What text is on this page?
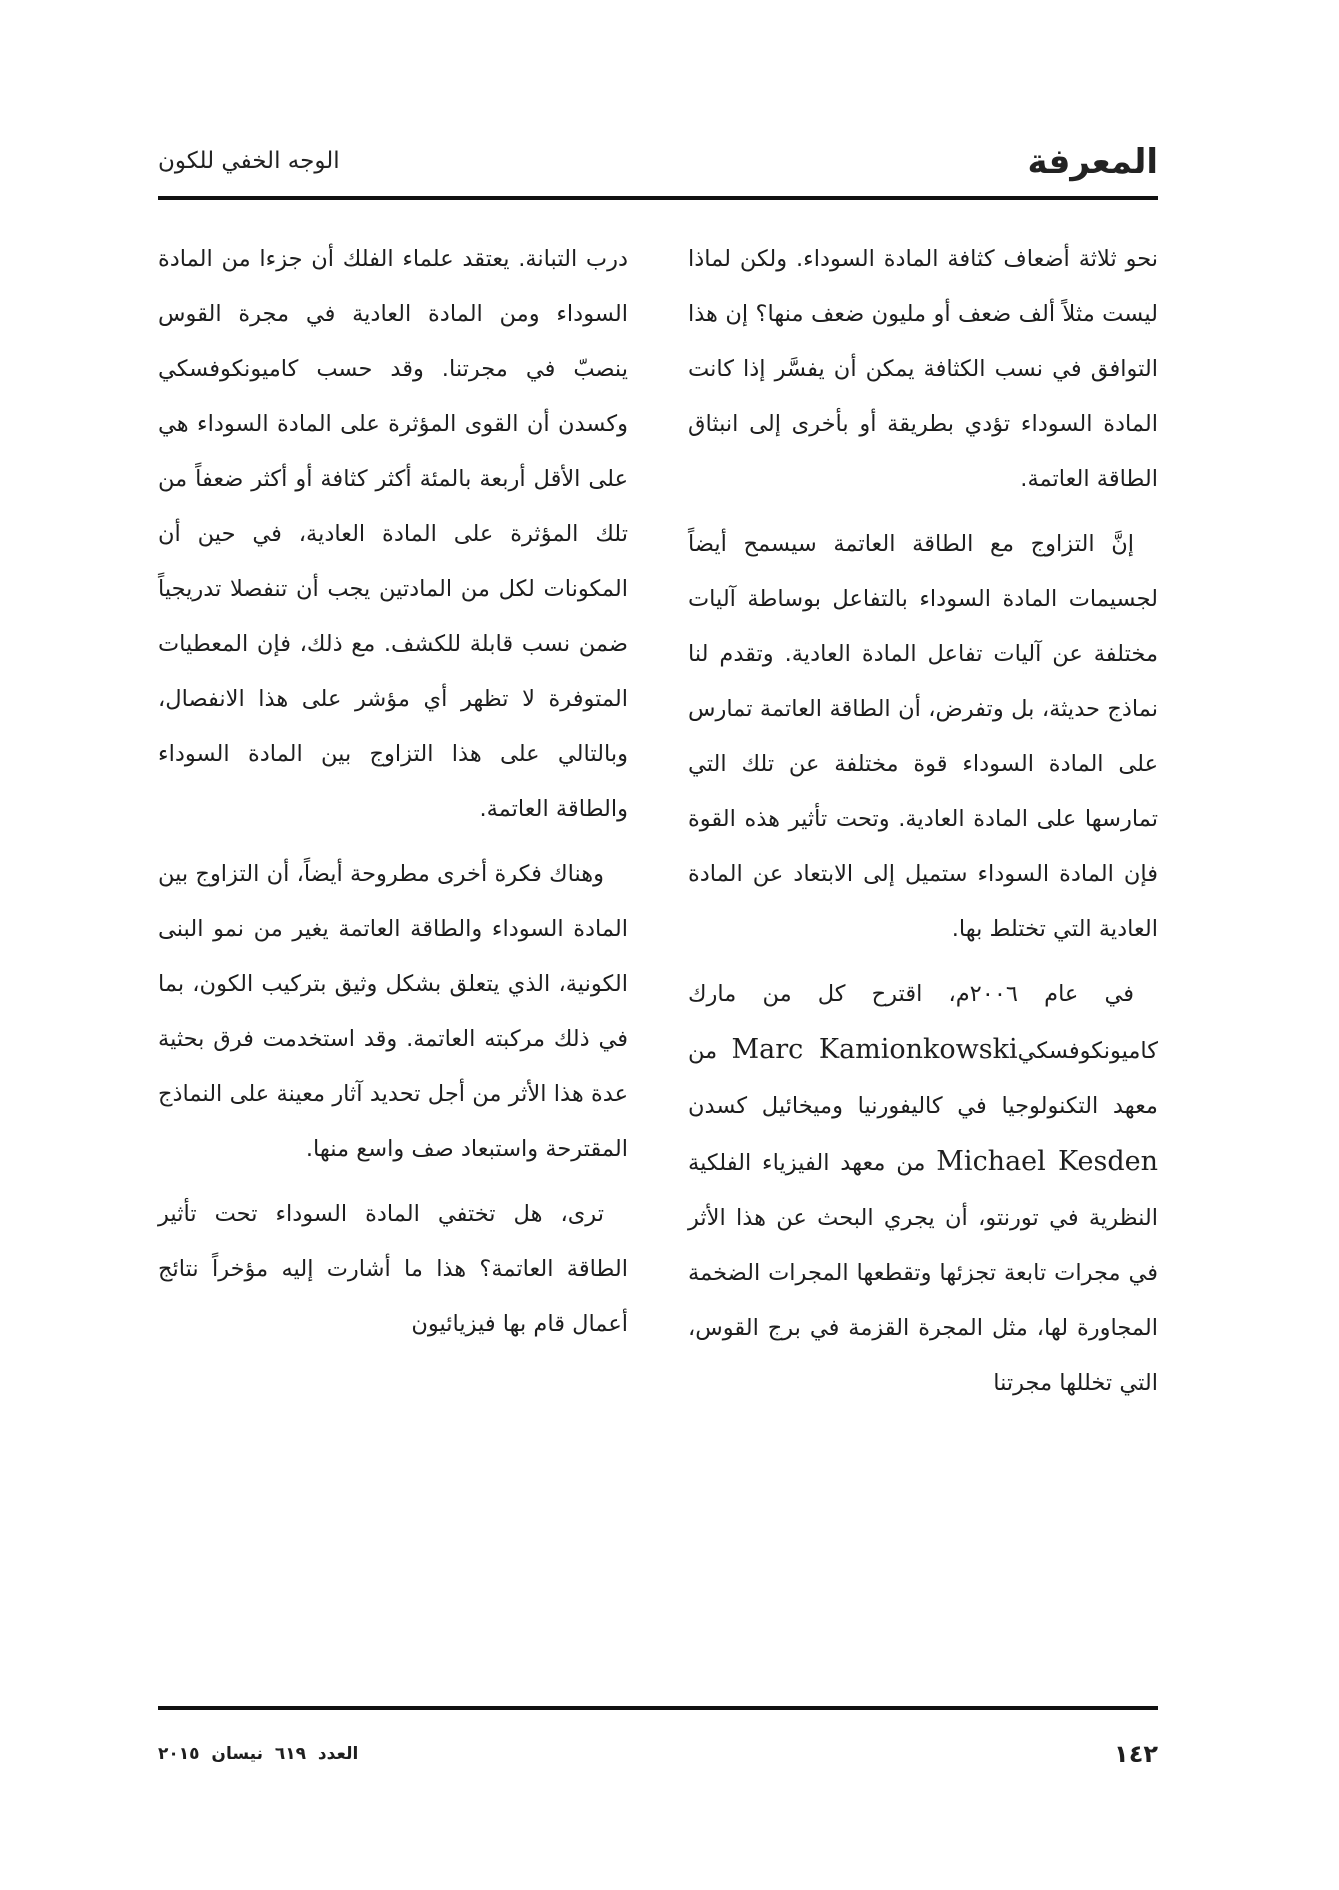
المعرفة
الوجه الخفي للكون

نحو ثلاثة أضعاف كثافة المادة السوداء. ولكن لماذا ليست مثلاً ألف ضعف أو مليون ضعف منها؟ إن هذا التوافق في نسب الكثافة يمكن أن يفسَّر إذا كانت المادة السوداء تؤدي بطريقة أو بأخرى إلى انبثاق الطاقة العاتمة.

إنَّ التزاوج مع الطاقة العاتمة سيسمح أيضاً لجسيمات المادة السوداء بالتفاعل بوساطة آليات مختلفة عن آليات تفاعل المادة العادية. وتقدم لنا نماذج حديثة، بل وتفرض، أن الطاقة العاتمة تمارس على المادة السوداء قوة مختلفة عن تلك التي تمارسها على المادة العادية. وتحت تأثير هذه القوة فإن المادة السوداء ستميل إلى الابتعاد عن المادة العادية التي تختلط بها.

في عام ٢٠٠٦م، اقترح كل من مارك كاميونكوفسكيMarc Kamionkowski من معهد التكنولوجيا في كاليفورنيا وميخائيل كسدن Michael Kesden من معهد الفيزياء الفلكية النظرية في تورنتو، أن يجري البحث عن هذا الأثر في مجرات تابعة تجزئها وتقطعها المجرات الضخمة المجاورة لها، مثل المجرة القزمة في برج القوس، التي تخللها مجرتنا

درب التبانة. يعتقد علماء الفلك أن جزءا من المادة السوداء ومن المادة العادية في مجرة القوس ينصبّ في مجرتنا. وقد حسب كاميونكوفسكي وكسدن أن القوى المؤثرة على المادة السوداء هي على الأقل أربعة بالمئة أكثر كثافة أو أكثر ضعفاً من تلك المؤثرة على المادة العادية، في حين أن المكونات لكل من المادتين يجب أن تنفصلا تدريجياً ضمن نسب قابلة للكشف. مع ذلك، فإن المعطيات المتوفرة لا تظهر أي مؤشر على هذا الانفصال، وبالتالي على هذا التزاوج بين المادة السوداء والطاقة العاتمة.

وهناك فكرة أخرى مطروحة أيضاً، أن التزاوج بين المادة السوداء والطاقة العاتمة يغير من نمو البنى الكونية، الذي يتعلق بشكل وثيق بتركيب الكون، بما في ذلك مركبته العاتمة. وقد استخدمت فرق بحثية عدة هذا الأثر من أجل تحديد آثار معينة على النماذج المقترحة واستبعاد صف واسع منها.

ترى، هل تختفي المادة السوداء تحت تأثير الطاقة العاتمة؟ هذا ما أشارت إليه مؤخراً نتائج أعمال قام بها فيزيائيون

١٤٢
العدد ٦١٩ نيسان ٢٠١٥
